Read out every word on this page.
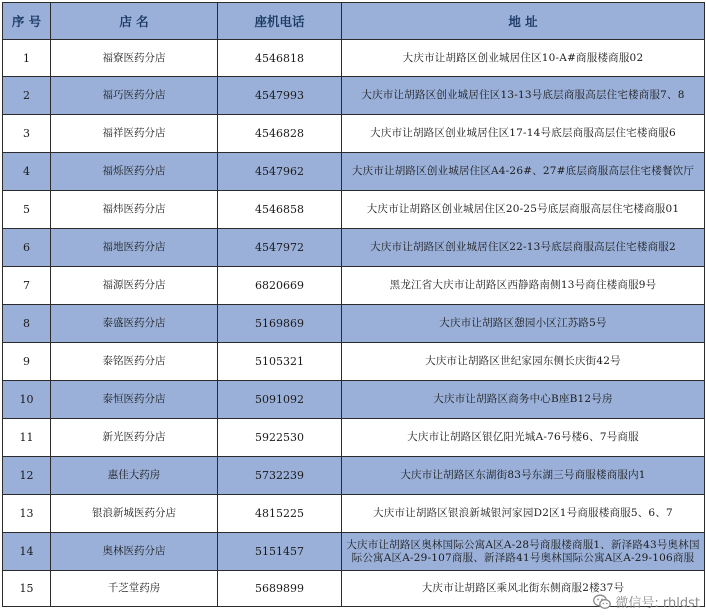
序 号	店 名	座机电话	地 址
1	福寮医药分店	4546818	大庆市让胡路区创业城居住区10-A#商服楼商服02
2	福巧医药分店	4547993	大庆市让胡路区创业城居住区13-13号底层商服高层住宅楼商服7、8
3	福祥医药分店	4546828	大庆市让胡路区创业城居住区17-14号底层商服高层住宅楼商服6
4	福烁医药分店	4547962	大庆市让胡路区创业城居住区A4-26#、27#底层商服高层住宅楼餐饮厅
5	福炜医药分店	4546858	大庆市让胡路区创业城居住区20-25号底层商服高层住宅楼商服01
6	福地医药分店	4547972	大庆市让胡路区创业城居住区22-13号底层商服高层住宅楼商服2
7	福源医药分店	6820669	黑龙江省大庆市让胡路区西静路南侧13号商住楼商服9号
8	泰盛医药分店	5169869	大庆市让胡路区憩园小区江苏路5号
9	泰铭医药分店	5105321	大庆市让胡路区世纪家园东侧长庆街42号
10	泰恒医药分店	5091092	大庆市让胡路区商务中心B座B12号房
11	新光医药分店	5922530	大庆市让胡路区银亿阳光城A-76号楼6、7号商服
12	惠佳大药房	5732239	大庆市让胡路区东湖街83号东湖三号商服楼商服内1
13	银浪新城医药分店	4815225	大庆市让胡路区银浪新城银河家园D2区1号商服楼商服5、6、7
14	奥林医药分店	5151457	大庆市让胡路区奥林国际公寓A区A-28号商服楼商服1、新泽路43号奥林国际公寓A区A-29-107商服、新泽路41号奥林国际公寓A区A-29-106商服
15	千芝堂药房	5689899	大庆市让胡路区乘风北街东侧商服2楼37号
微信号: rhldst
